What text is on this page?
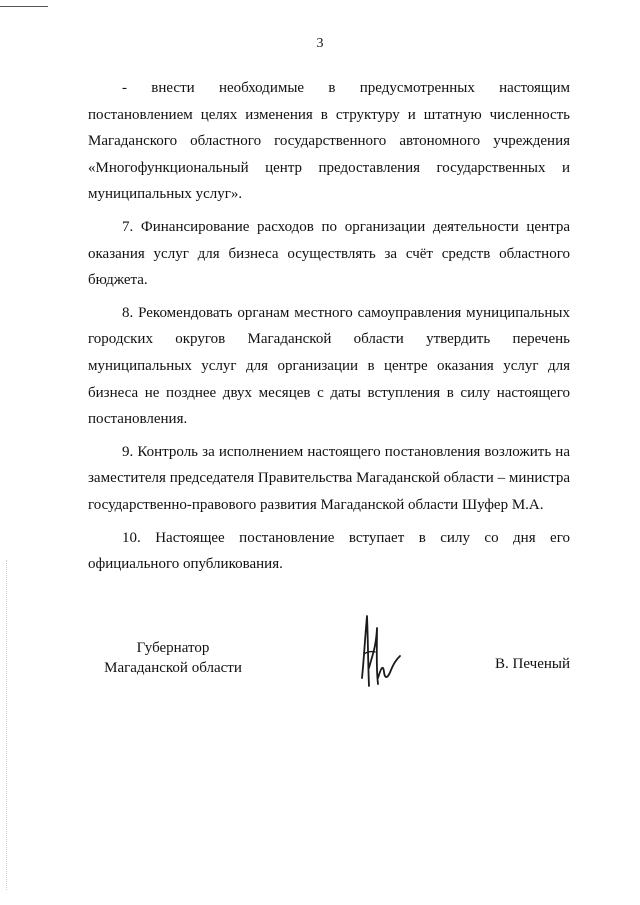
3

- внести необходимые в предусмотренных настоящим постановлением целях изменения в структуру и штатную численность Магаданского областного государственного автономного учреждения «Многофункциональный центр предоставления государственных и муниципальных услуг».

7. Финансирование расходов по организации деятельности центра оказания услуг для бизнеса осуществлять за счёт средств областного бюджета.

8. Рекомендовать органам местного самоуправления муниципальных городских округов Магаданской области утвердить перечень муниципальных услуг для организации в центре оказания услуг для бизнеса не позднее двух месяцев с даты вступления в силу настоящего постановления.

9. Контроль за исполнением настоящего постановления возложить на заместителя председателя Правительства Магаданской области – министра государственно-правового развития Магаданской области Шуфер М.А.

10. Настоящее постановление вступает в силу со дня его официального опубликования.

Губернатор
Магаданской области	В. Печеный
